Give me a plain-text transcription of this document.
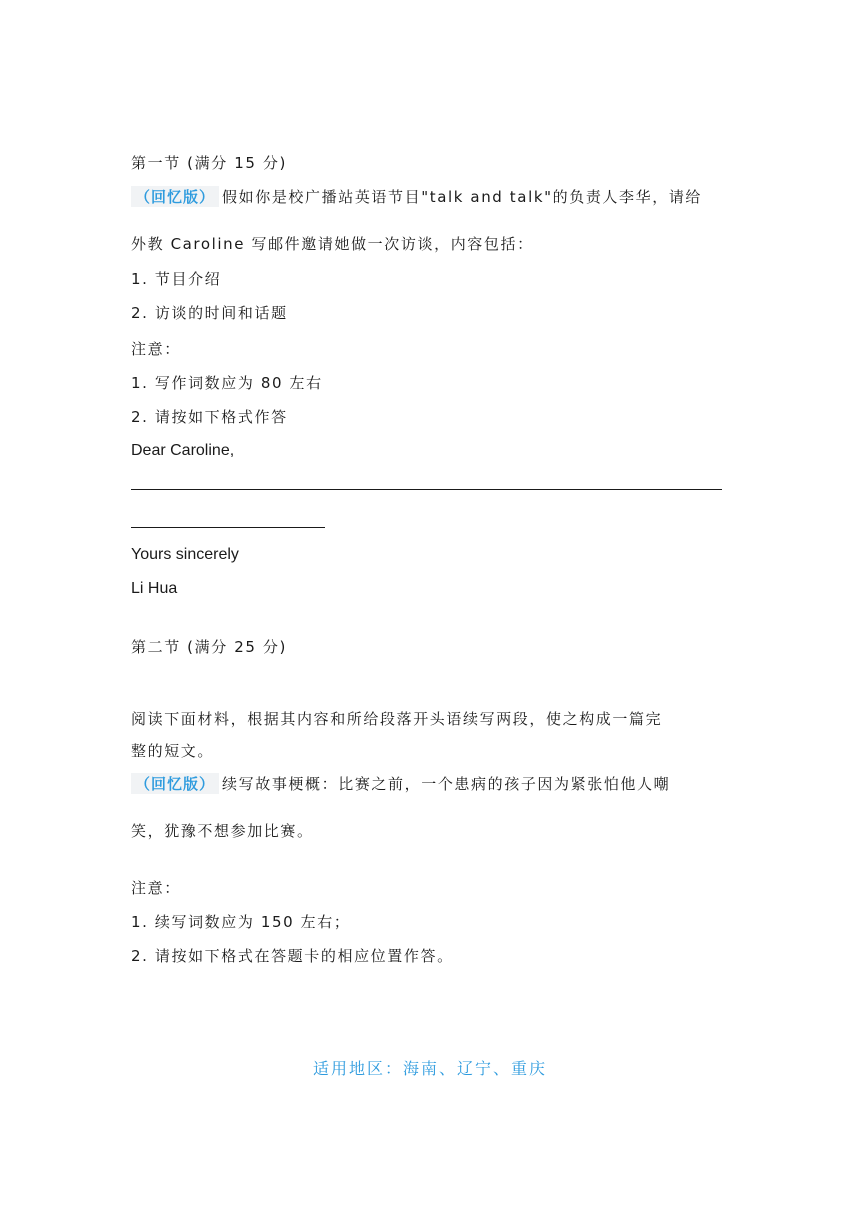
第一节 (满分 15 分)
（回忆版） 假如你是校广播站英语节目"talk and talk"的负责人李华，请给
外教 Caroline 写邮件邀请她做一次访谈，内容包括：
1. 节目介绍
2. 访谈的时间和话题
注意：
1. 写作词数应为 80 左右
2. 请按如下格式作答
Dear Caroline,
Yours sincerely
Li Hua
第二节 (满分 25 分)
阅读下面材料，根据其内容和所给段落开头语续写两段，使之构成一篇完
整的短文。
（回忆版） 续写故事梗概：比赛之前，一个患病的孩子因为紧张怕他人嘲
笑，犹豫不想参加比赛。
注意：
1. 续写词数应为 150 左右；
2. 请按如下格式在答题卡的相应位置作答。
适用地区：海南、辽宁、重庆
